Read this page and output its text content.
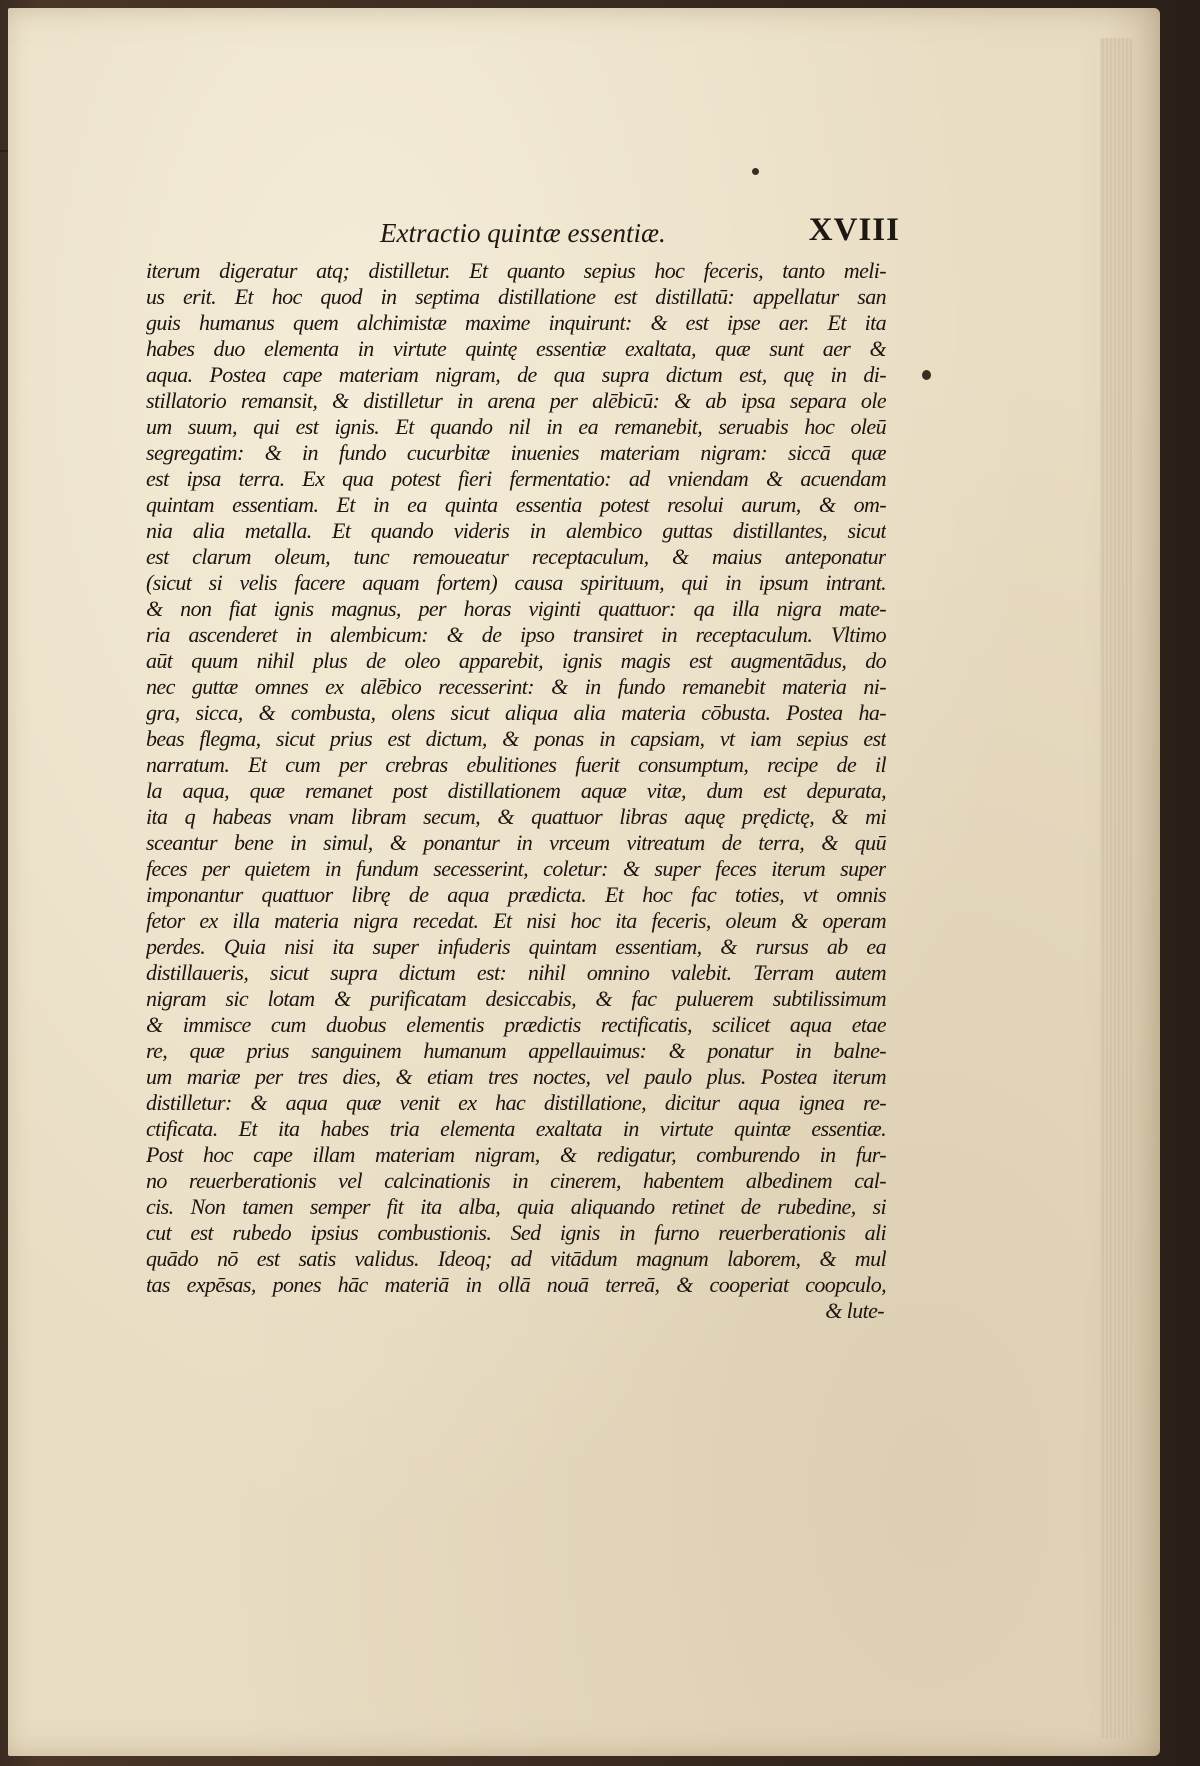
Extractio quintæ essentiæ.	XVIII
iterum digeratur atq; distilletur. Et quanto sepius hoc feceris, tanto meli-
us erit. Et hoc quod in septima distillatione est distillatū: appellatur san
guis humanus quem alchimistæ maxime inquirunt: & est ipse aer. Et ita
habes duo elementa in virtute quintę essentiæ exaltata, quæ sunt aer &
aqua. Postea cape materiam nigram, de qua supra dictum est, quę in di-
stillatorio remansit, & distilletur in arena per alēbicū: & ab ipsa separa ole
um suum, qui est ignis. Et quando nil in ea remanebit, seruabis hoc oleū
segregatim: & in fundo cucurbitæ inuenies materiam nigram: siccā quæ
est ipsa terra. Ex qua potest fieri fermentatio: ad vniendam & acuendam
quintam essentiam. Et in ea quinta essentia potest resolui aurum, & om-
nia alia metalla. Et quando videris in alembico guttas distillantes, sicut
est clarum oleum, tunc remoueatur receptaculum, & maius anteponatur
(sicut si velis facere aquam fortem) causa spirituum, qui in ipsum intrant.
& non fiat ignis magnus, per horas viginti quattuor: qa illa nigra mate-
ria ascenderet in alembicum: & de ipso transiret in receptaculum. Vltimo
aūt quum nihil plus de oleo apparebit, ignis magis est augmentādus, do
nec guttæ omnes ex alēbico recesserint: & in fundo remanebit materia ni-
gra, sicca, & combusta, olens sicut aliqua alia materia cōbusta. Postea ha-
beas flegma, sicut prius est dictum, & ponas in capsiam, vt iam sepius est
narratum. Et cum per crebras ebulitiones fuerit consumptum, recipe de il
la aqua, quæ remanet post distillationem aquæ vitæ, dum est depurata,
ita q habeas vnam libram secum, & quattuor libras aquę prędictę, & mi
sceantur bene in simul, & ponantur in vrceum vitreatum de terra, & quū
feces per quietem in fundum secesserint, coletur: & super feces iterum super
imponantur quattuor librę de aqua prædicta. Et hoc fac toties, vt omnis
fetor ex illa materia nigra recedat. Et nisi hoc ita feceris, oleum & operam
perdes. Quia nisi ita super infuderis quintam essentiam, & rursus ab ea
distillaueris, sicut supra dictum est: nihil omnino valebit. Terram autem
nigram sic lotam & purificatam desiccabis, & fac puluerem subtilissimum
& immisce cum duobus elementis prædictis rectificatis, scilicet aqua etae
re, quæ prius sanguinem humanum appellauimus: & ponatur in balne-
um mariæ per tres dies, & etiam tres noctes, vel paulo plus. Postea iterum
distilletur: & aqua quæ venit ex hac distillatione, dicitur aqua ignea re-
ctificata. Et ita habes tria elementa exaltata in virtute quintæ essentiæ.
Post hoc cape illam materiam nigram, & redigatur, comburendo in fur-
no reuerberationis vel calcinationis in cinerem, habentem albedinem cal-
cis. Non tamen semper fit ita alba, quia aliquando retinet de rubedine, si
cut est rubedo ipsius combustionis. Sed ignis in furno reuerberationis ali
quādo nō est satis validus. Ideoq; ad vitādum magnum laborem, & mul
tas expēsas, pones hāc materiā in ollā nouā terreā, & cooperiat coopculo,
& lute-
